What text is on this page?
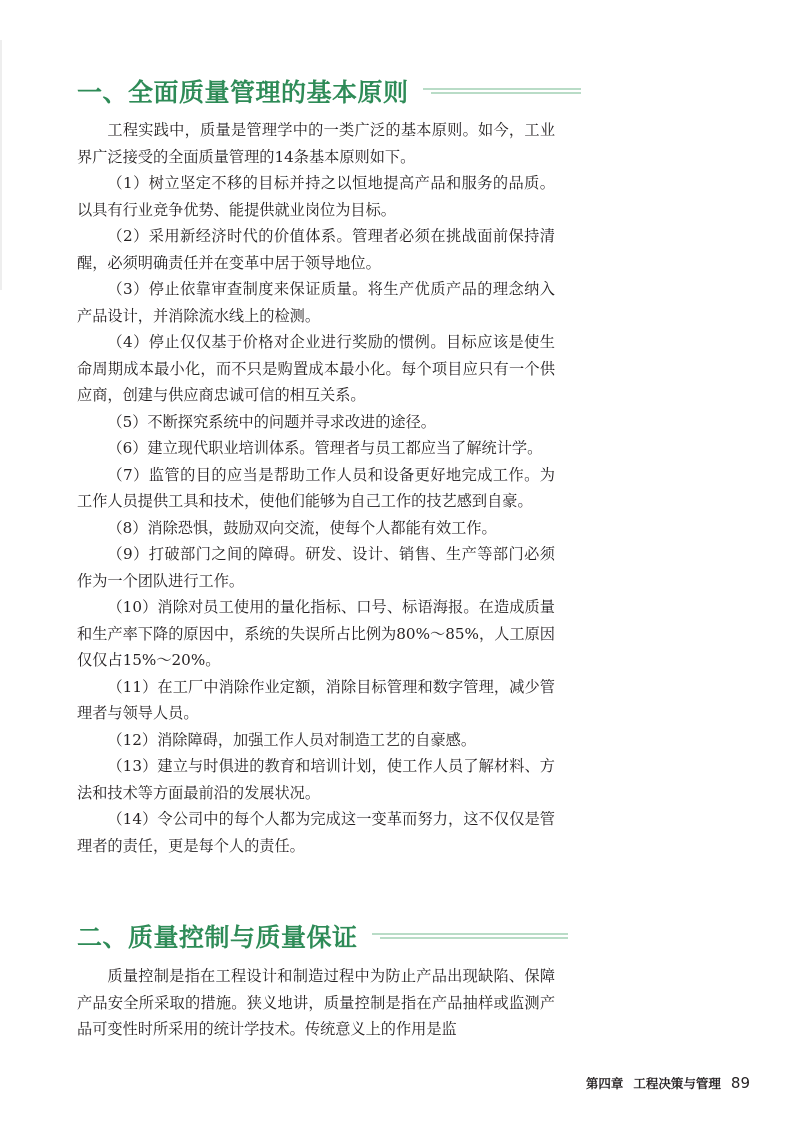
一、全面质量管理的基本原则

工程实践中，质量是管理学中的一类广泛的基本原则。如今，工业界广泛接受的全面质量管理的14条基本原则如下。

（1）树立坚定不移的目标并持之以恒地提高产品和服务的品质。以具有行业竞争优势、能提供就业岗位为目标。

（2）采用新经济时代的价值体系。管理者必须在挑战面前保持清醒，必须明确责任并在变革中居于领导地位。

（3）停止依靠审查制度来保证质量。将生产优质产品的理念纳入产品设计，并消除流水线上的检测。

（4）停止仅仅基于价格对企业进行奖励的惯例。目标应该是使生命周期成本最小化，而不只是购置成本最小化。每个项目应只有一个供应商，创建与供应商忠诚可信的相互关系。

（5）不断探究系统中的问题并寻求改进的途径。

（6）建立现代职业培训体系。管理者与员工都应当了解统计学。

（7）监管的目的应当是帮助工作人员和设备更好地完成工作。为工作人员提供工具和技术，使他们能够为自己工作的技艺感到自豪。

（8）消除恐惧，鼓励双向交流，使每个人都能有效工作。

（9）打破部门之间的障碍。研发、设计、销售、生产等部门必须作为一个团队进行工作。

（10）消除对员工使用的量化指标、口号、标语海报。在造成质量和生产率下降的原因中，系统的失误所占比例为80%～85%，人工原因仅仅占15%～20%。

（11）在工厂中消除作业定额，消除目标管理和数字管理，减少管理者与领导人员。

（12）消除障碍，加强工作人员对制造工艺的自豪感。

（13）建立与时俱进的教育和培训计划，使工作人员了解材料、方法和技术等方面最前沿的发展状况。

（14）令公司中的每个人都为完成这一变革而努力，这不仅仅是管理者的责任，更是每个人的责任。

二、质量控制与质量保证

质量控制是指在工程设计和制造过程中为防止产品出现缺陷、保障产品安全所采取的措施。狭义地讲，质量控制是指在产品抽样或监测产品可变性时所采用的统计学技术。传统意义上的作用是监

第四章 工程决策与管理 89
